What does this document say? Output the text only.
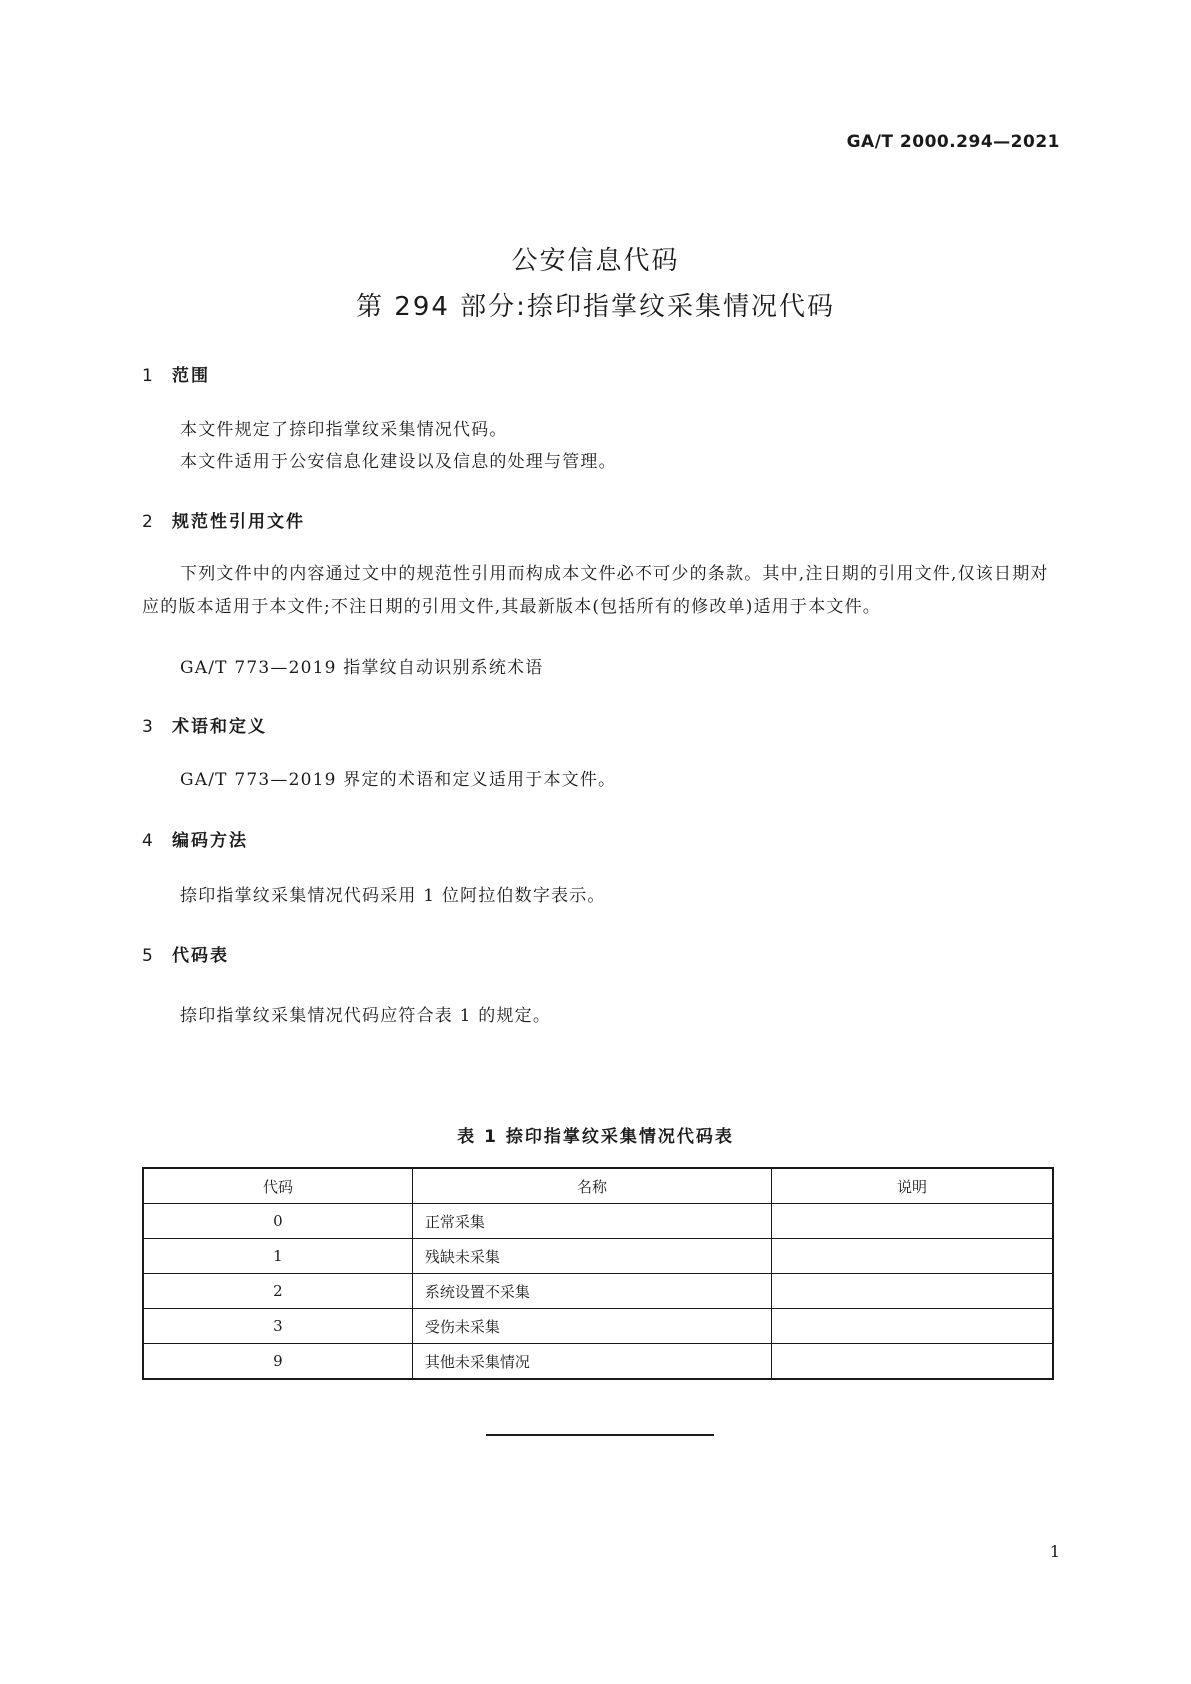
GA/T 2000.294—2021
公安信息代码
第 294 部分:捺印指掌纹采集情况代码
1 范围
本文件规定了捺印指掌纹采集情况代码。
本文件适用于公安信息化建设以及信息的处理与管理。
2 规范性引用文件
下列文件中的内容通过文中的规范性引用而构成本文件必不可少的条款。其中,注日期的引用文件,仅该日期对应的版本适用于本文件;不注日期的引用文件,其最新版本(包括所有的修改单)适用于本文件。
GA/T 773—2019 指掌纹自动识别系统术语
3 术语和定义
GA/T 773—2019 界定的术语和定义适用于本文件。
4 编码方法
捺印指掌纹采集情况代码采用 1 位阿拉伯数字表示。
5 代码表
捺印指掌纹采集情况代码应符合表 1 的规定。
表 1 捺印指掌纹采集情况代码表
代码	名称	说明
0	正常采集	
1	残缺未采集	
2	系统设置不采集	
3	受伤未采集	
9	其他未采集情况	
1
